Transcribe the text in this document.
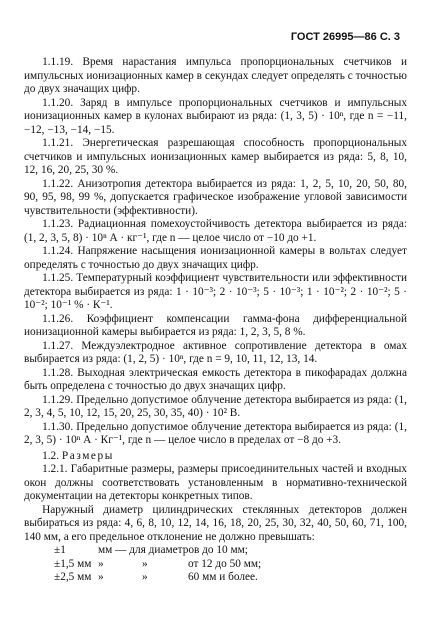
ГОСТ 26995—86 С. 3

1.1.19. Время нарастания импульса пропорциональных счетчиков и импульсных ионизационных камер в секундах следует определять с точностью до двух значащих цифр.

1.1.20. Заряд в импульсе пропорциональных счетчиков и импульсных ионизационных камер в кулонах выбирают из ряда: (1, 3, 5) · 10ⁿ, где n = −11, −12, −13, −14, −15.

1.1.21. Энергетическая разрешающая способность пропорциональных счетчиков и импульсных ионизационных камер выбирается из ряда: 5, 8, 10, 12, 16, 20, 25, 30 %.

1.1.22. Анизотропия детектора выбирается из ряда: 1, 2, 5, 10, 20, 50, 80, 90, 95, 98, 99 %, допускается графическое изображение угловой зависимости чувствительности (эффективности).

1.1.23. Радиационная помехоустойчивость детектора выбирается из ряда: (1, 2, 3, 5, 8) · 10ⁿ А · кг⁻¹, где n — целое число от −10 до +1.

1.1.24. Напряжение насыщения ионизационной камеры в вольтах следует определять с точностью до двух значащих цифр.

1.1.25. Температурный коэффициент чувствительности или эффективности детектора выбирается из ряда: 1 · 10⁻³; 2 · 10⁻³; 5 · 10⁻³; 1 · 10⁻²; 2 · 10⁻²; 5 · 10⁻²; 10⁻¹ % · К⁻¹.

1.1.26. Коэффициент компенсации гамма-фона дифференциальной ионизационной камеры выбирается из ряда: 1, 2, 3, 5, 8 %.

1.1.27. Междуэлектродное активное сопротивление детектора в омах выбирается из ряда: (1, 2, 5) · 10ⁿ, где n = 9, 10, 11, 12, 13, 14.

1.1.28. Выходная электрическая емкость детектора в пикофарадах должна быть определена с точностью до двух значащих цифр.

1.1.29. Предельно допустимое облучение детектора выбирается из ряда: (1, 2, 3, 4, 5, 10, 12, 15, 20, 25, 30, 35, 40) · 10² В.

1.1.30. Предельно допустимое облучение детектора выбирается из ряда: (1, 2, 3, 5) · 10ⁿ А · Кг⁻¹, где n — целое число в пределах от −8 до +3.

1.2. Размеры

1.2.1. Габаритные размеры, размеры присоединительных частей и входных окон должны соответствовать установленным в нормативно-технической документации на детекторы конкретных типов.

Наружный диаметр цилиндрических стеклянных детекторов должен выбираться из ряда: 4, 6, 8, 10, 12, 14, 16, 18, 20, 25, 30, 32, 40, 50, 60, 71, 100, 140 мм, а его предельное отклонение не должно превышать:

±1	мм — для диаметров до 10 мм;		
±1,5 мм	»	»	от 12 до 50 мм;
±2,5 мм	»	»	60 мм и более.
